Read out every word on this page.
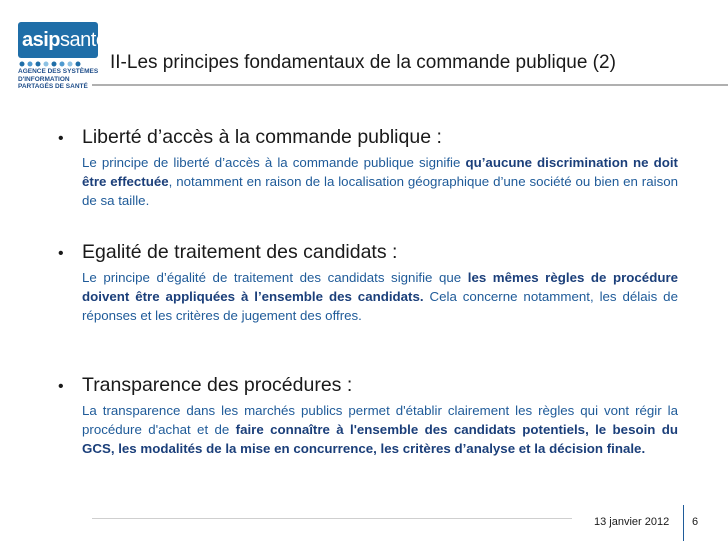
asipsanté
AGENCE DES SYSTÈMES
D'INFORMATION
PARTAGÉS DE SANTÉ
II-Les principes fondamentaux de la commande publique (2)
• Liberté d’accès à la commande publique :
Le principe de liberté d’accès à la commande publique signifie qu’aucune discrimination ne doit être effectuée, notamment en raison de la localisation géographique d’une société ou bien en raison de sa taille.
• Egalité de traitement des candidats :
Le principe d’égalité de traitement des candidats signifie que les mêmes règles de procédure doivent être appliquées à l’ensemble des candidats. Cela concerne notamment, les délais de réponses et les critères de jugement des offres.
• Transparence des procédures :
La transparence dans les marchés publics permet d'établir clairement les règles qui vont régir la procédure d'achat et de faire connaître à l'ensemble des candidats potentiels, le besoin du GCS, les modalités de la mise en concurrence, les critères d’analyse et la décision finale.
13 janvier 2012 6
